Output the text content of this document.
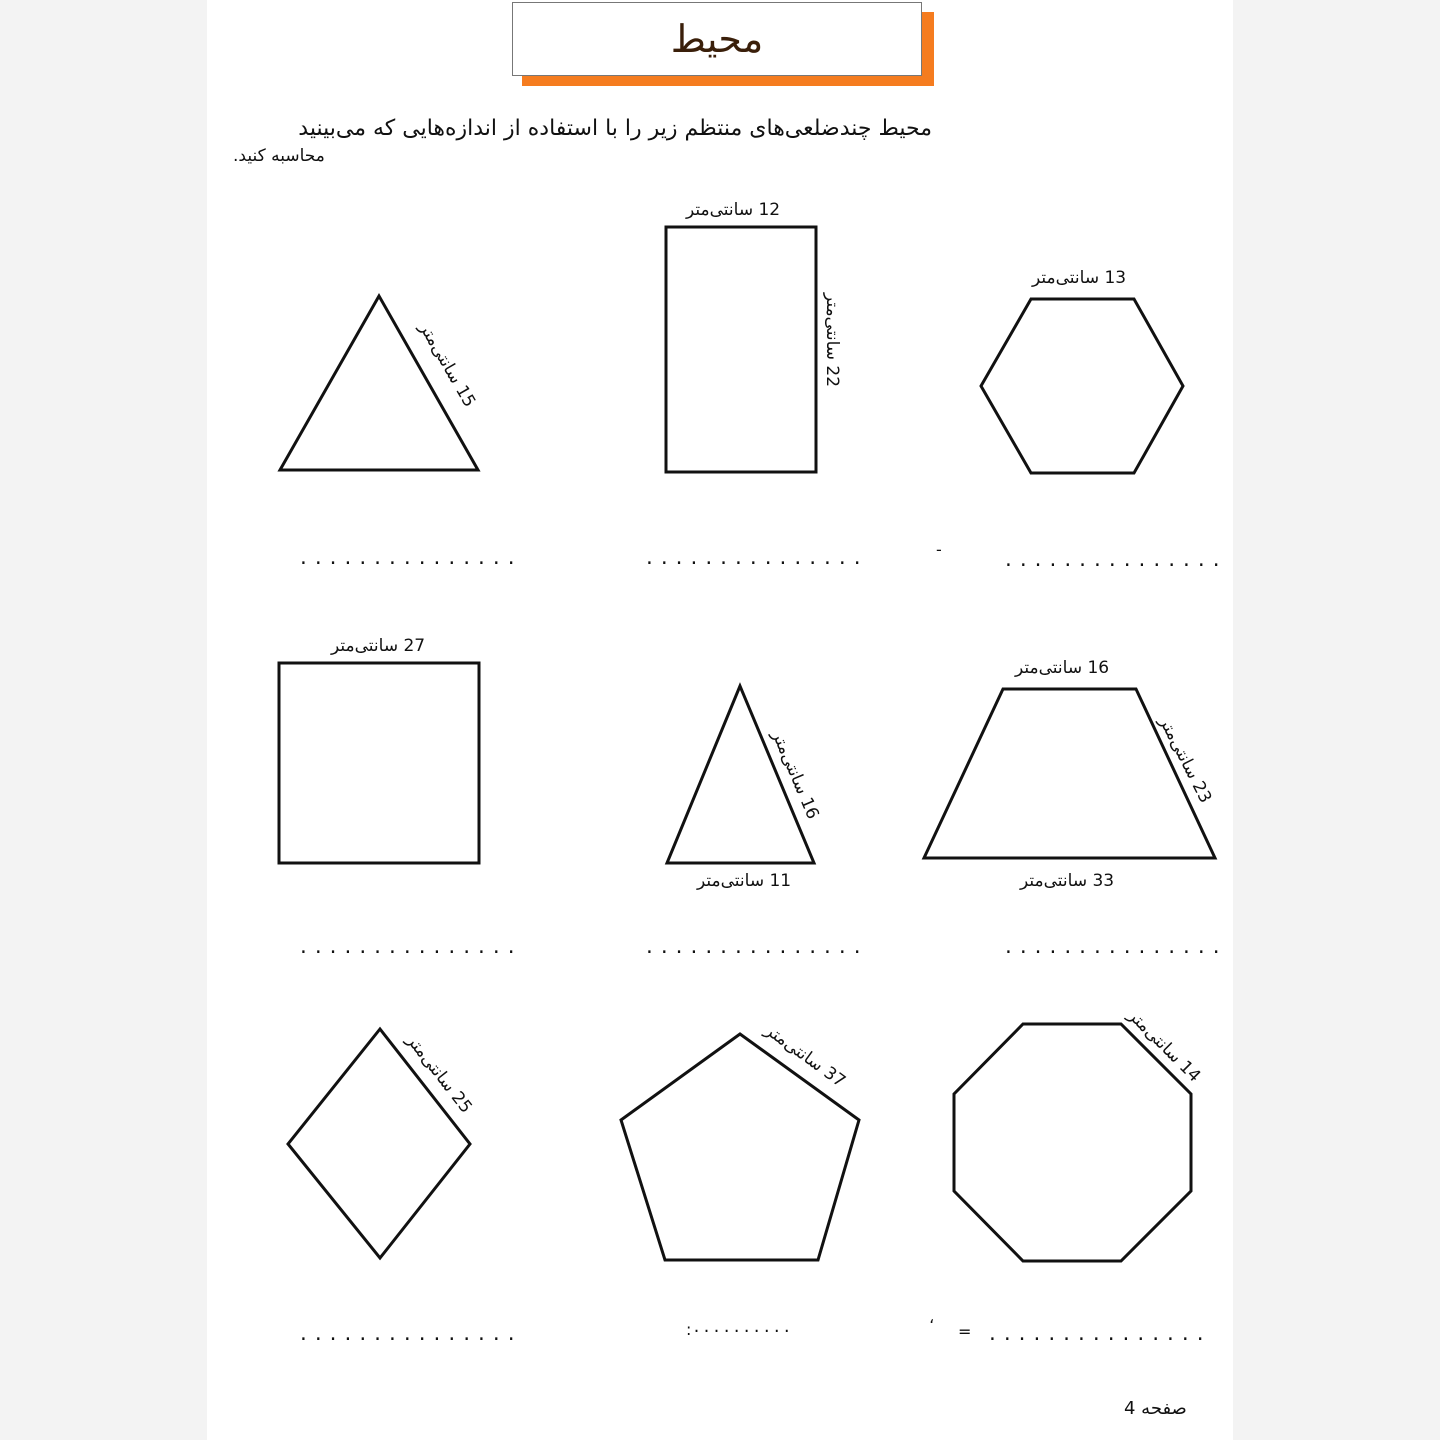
محیط
محیط چندضلعی‌های منتظم زیر را با استفاده از اندازه‌هایی که می‌بینید
محاسبه کنید.
15 سانتی‌متر
12 سانتی‌متر
22 سانتی‌متر
13 سانتی‌متر
27 سانتی‌متر
16 سانتی‌متر
11 سانتی‌متر
16 سانتی‌متر
23 سانتی‌متر
33 سانتی‌متر
25 سانتی‌متر
37 سانتی‌متر
14 سانتی‌متر
...............	...............	...............
-
...............	...............	...............
...............	: ..........	،
= ...............
صفحه 4
